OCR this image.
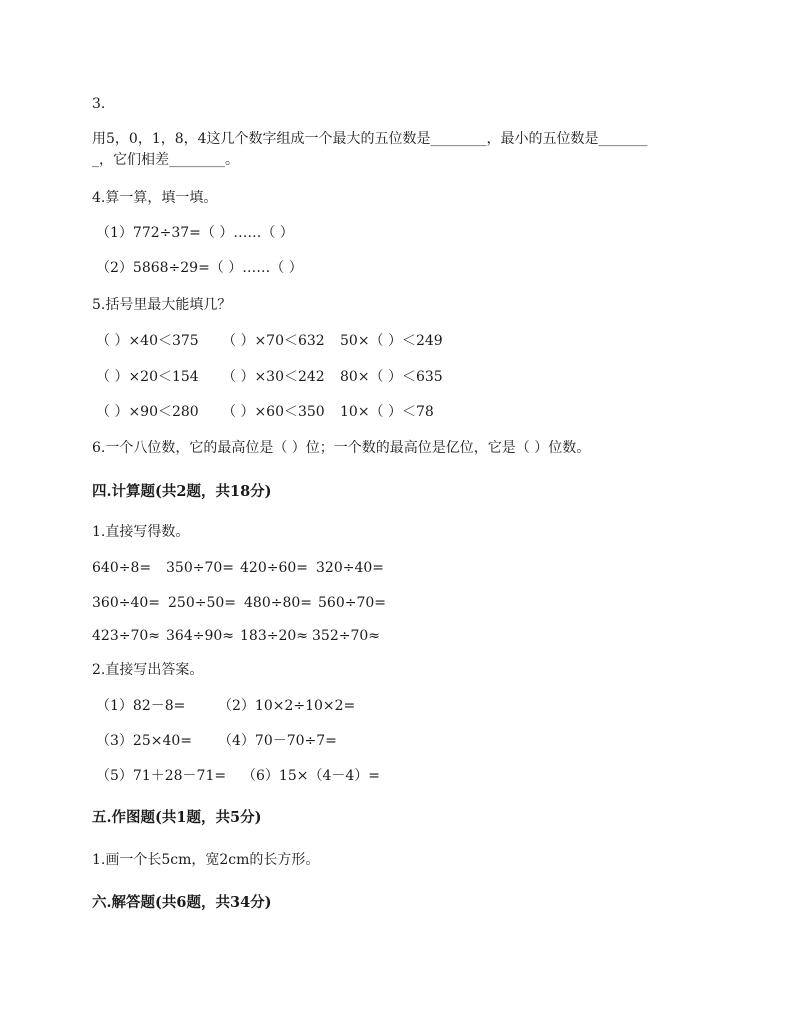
3.
用5，0，1，8，4这几个数字组成一个最大的五位数是________，最小的五位数是_______
_，它们相差________。
4.算一算，填一填。
（1）772÷37=（ ）……（ ）
（2）5868÷29=（ ）……（ ）
5.括号里最大能填几？
（ ）×40＜375 （ ）×70＜632 50×（ ）＜249
（ ）×20＜154 （ ）×30＜242 80×（ ）＜635
（ ）×90＜280 （ ）×60＜350 10×（ ）＜78
6.一个八位数，它的最高位是（ ）位；一个数的最高位是亿位，它是（ ）位数。
四.计算题(共2题，共18分)
1.直接写得数。
640÷8= 350÷70= 420÷60= 320÷40=
360÷40= 250÷50= 480÷80= 560÷70=
423÷70≈ 364÷90≈ 183÷20≈ 352÷70≈
2.直接写出答案。
（1）82－8= （2）10×2÷10×2=
（3）25×40= （4）70－70÷7=
（5）71＋28－71= （6）15×（4－4）=
五.作图题(共1题，共5分)
1.画一个长5cm，宽2cm的长方形。
六.解答题(共6题，共34分)
